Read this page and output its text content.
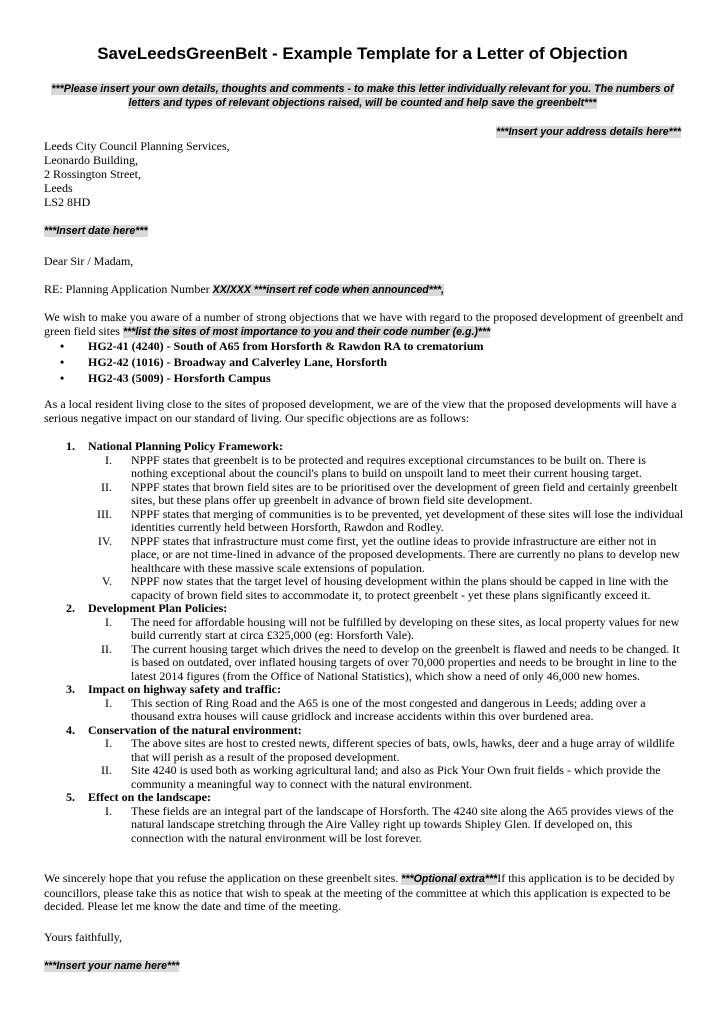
SaveLeedsGreenBelt - Example Template for a Letter of Objection
***Please insert your own details, thoughts and comments - to make this letter individually relevant for you. The numbers of letters and types of relevant objections raised, will be counted and help save the greenbelt***
***Insert your address details here***
Leeds City Council Planning Services,
Leonardo Building,
2 Rossington Street,
Leeds
LS2 8HD
***Insert date here***
Dear Sir / Madam,
RE: Planning Application Number XX/XXX ***insert ref code when announced***,
We wish to make you aware of a number of strong objections that we have with regard to the proposed development of greenbelt and green field sites ***list the sites of most importance to you and their code number (e.g.)***
• HG2-41 (4240) - South of A65 from Horsforth & Rawdon RA to crematorium
• HG2-42 (1016) - Broadway and Calverley Lane, Horsforth
• HG2-43 (5009) - Horsforth Campus
As a local resident living close to the sites of proposed development, we are of the view that the proposed developments will have a serious negative impact on our standard of living. Our specific objections are as follows:
1. National Planning Policy Framework:
I. NPPF states that greenbelt is to be protected and requires exceptional circumstances to be built on. There is nothing exceptional about the council's plans to build on unspoilt land to meet their current housing target.
II. NPPF states that brown field sites are to be prioritised over the development of green field and certainly greenbelt sites, but these plans offer up greenbelt in advance of brown field site development.
III. NPPF states that merging of communities is to be prevented, yet development of these sites will lose the individual identities currently held between Horsforth, Rawdon and Rodley.
IV. NPPF states that infrastructure must come first, yet the outline ideas to provide infrastructure are either not in place, or are not time-lined in advance of the proposed developments. There are currently no plans to develop new healthcare with these massive scale extensions of population.
V. NPPF now states that the target level of housing development within the plans should be capped in line with the capacity of brown field sites to accommodate it, to protect greenbelt - yet these plans significantly exceed it.
2. Development Plan Policies:
I. The need for affordable housing will not be fulfilled by developing on these sites, as local property values for new build currently start at circa £325,000 (eg: Horsforth Vale).
II. The current housing target which drives the need to develop on the greenbelt is flawed and needs to be changed. It is based on outdated, over inflated housing targets of over 70,000 properties and needs to be brought in line to the latest 2014 figures (from the Office of National Statistics), which show a need of only 46,000 new homes.
3. Impact on highway safety and traffic:
I. This section of Ring Road and the A65 is one of the most congested and dangerous in Leeds; adding over a thousand extra houses will cause gridlock and increase accidents within this over burdened area.
4. Conservation of the natural environment:
I. The above sites are host to crested newts, different species of bats, owls, hawks, deer and a huge array of wildlife that will perish as a result of the proposed development.
II. Site 4240 is used both as working agricultural land; and also as Pick Your Own fruit fields - which provide the community a meaningful way to connect with the natural environment.
5. Effect on the landscape:
I. These fields are an integral part of the landscape of Horsforth. The 4240 site along the A65 provides views of the natural landscape stretching through the Aire Valley right up towards Shipley Glen. If developed on, this connection with the natural environment will be lost forever.
We sincerely hope that you refuse the application on these greenbelt sites. ***Optional extra***If this application is to be decided by councillors, please take this as notice that wish to speak at the meeting of the committee at which this application is expected to be decided. Please let me know the date and time of the meeting.
Yours faithfully,
***Insert your name here***
